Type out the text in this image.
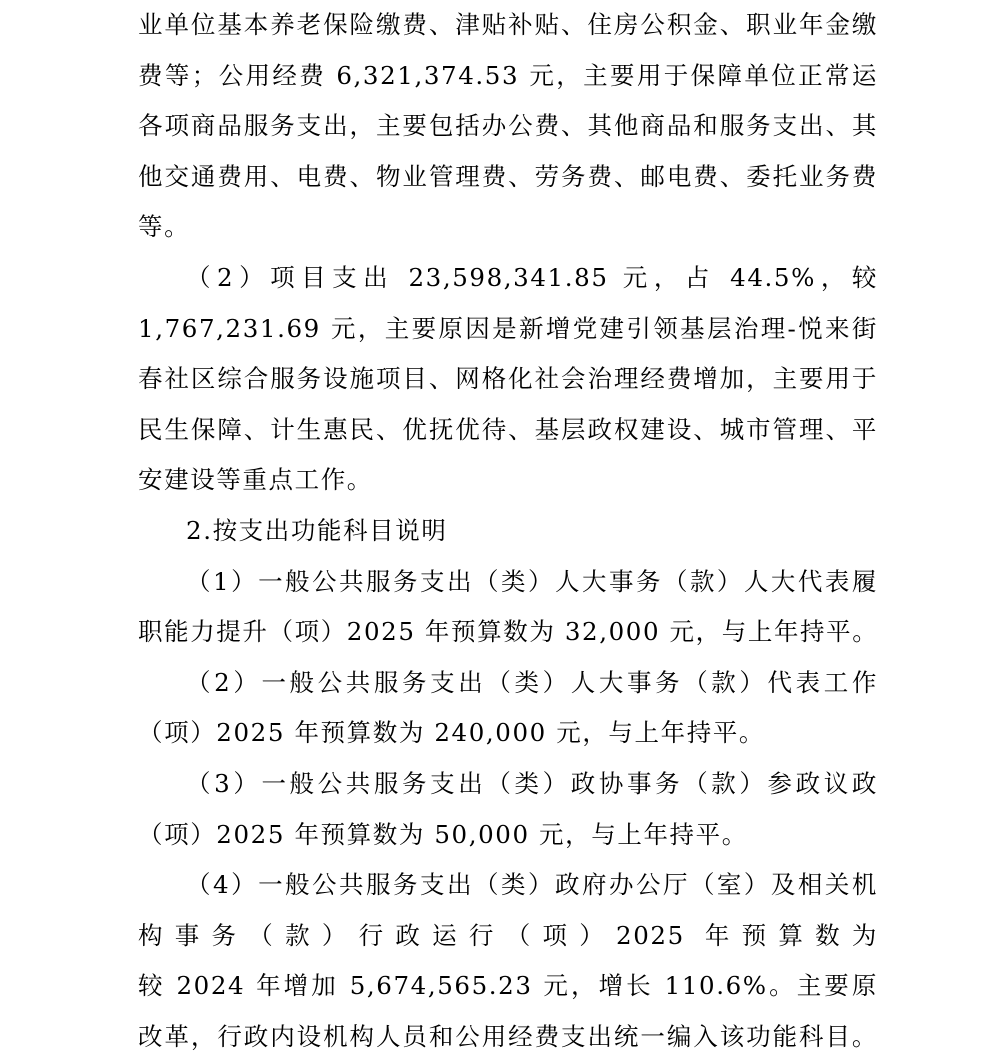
业单位基本养老保险缴费、津贴补贴、住房公积金、职业年金缴
费等；公用经费 6,321,374.53 元，主要用于保障单位正常运
各项商品服务支出，主要包括办公费、其他商品和服务支出、其
他交通费用、电费、物业管理费、劳务费、邮电费、委托业务费
等。
（2）项目支出 23,598,341.85 元，占 44.5%，较
1,767,231.69 元，主要原因是新增党建引领基层治理-悦来街
春社区综合服务设施项目、网格化社会治理经费增加，主要用于
民生保障、计生惠民、优抚优待、基层政权建设、城市管理、平
安建设等重点工作。
2.按支出功能科目说明
（1）一般公共服务支出（类）人大事务（款）人大代表履
职能力提升（项）2025 年预算数为 32,000 元，与上年持平。
（2）一般公共服务支出（类）人大事务（款）代表工作
（项）2025 年预算数为 240,000 元，与上年持平。
（3）一般公共服务支出（类）政协事务（款）参政议政
（项）2025 年预算数为 50,000 元，与上年持平。
（4）一般公共服务支出（类）政府办公厅（室）及相关机
构事务（款）行政运行（项）2025 年预算数为
较 2024 年增加 5,674,565.23 元，增长 110.6%。主要原
改革，行政内设机构人员和公用经费支出统一编入该功能科目。
